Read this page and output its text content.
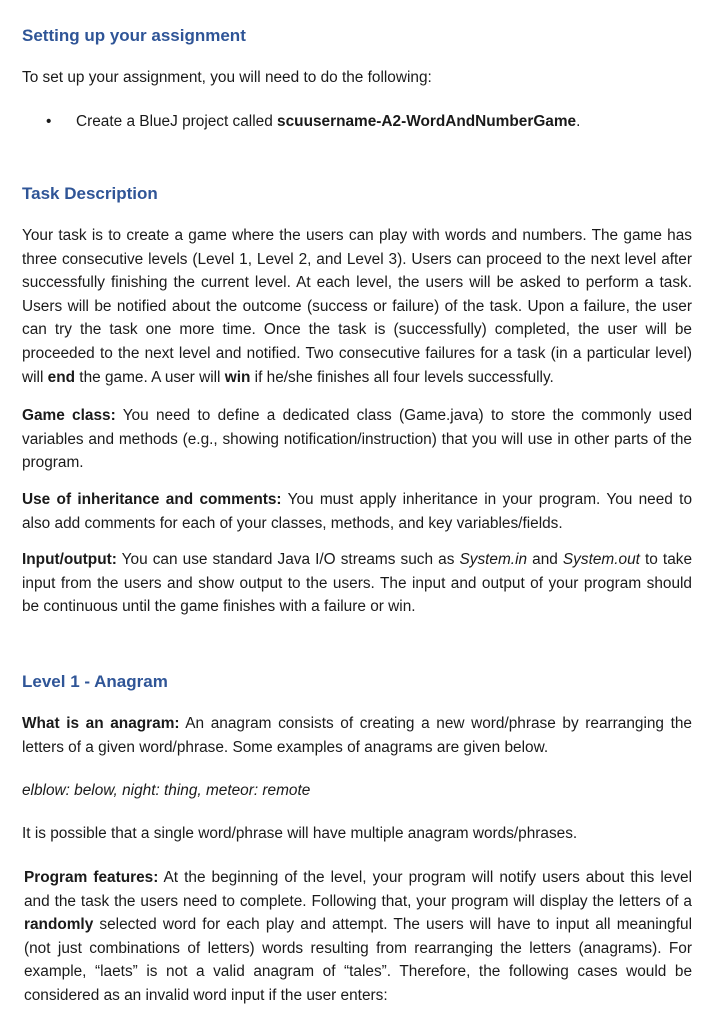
Setting up your assignment

To set up your assignment, you will need to do the following:

• Create a BlueJ project called scuusername-A2-WordAndNumberGame.
Task Description

Your task is to create a game where the users can play with words and numbers. The game has three consecutive levels (Level 1, Level 2, and Level 3). Users can proceed to the next level after successfully finishing the current level. At each level, the users will be asked to perform a task. Users will be notified about the outcome (success or failure) of the task. Upon a failure, the user can try the task one more time. Once the task is (successfully) completed, the user will be proceeded to the next level and notified. Two consecutive failures for a task (in a particular level) will end the game. A user will win if he/she finishes all four levels successfully.

Game class: You need to define a dedicated class (Game.java) to store the commonly used variables and methods (e.g., showing notification/instruction) that you will use in other parts of the program.

Use of inheritance and comments: You must apply inheritance in your program. You need to also add comments for each of your classes, methods, and key variables/fields.

Input/output: You can use standard Java I/O streams such as System.in and System.out to take input from the users and show output to the users. The input and output of your program should be continuous until the game finishes with a failure or win.

Level 1 - Anagram

What is an anagram: An anagram consists of creating a new word/phrase by rearranging the letters of a given word/phrase. Some examples of anagrams are given below.

elblow: below, night: thing, meteor: remote

It is possible that a single word/phrase will have multiple anagram words/phrases.

Program features: At the beginning of the level, your program will notify users about this level and the task the users need to complete. Following that, your program will display the letters of a randomly selected word for each play and attempt. The users will have to input all meaningful (not just combinations of letters) words resulting from rearranging the letters (anagrams). For example, “laets” is not a valid anagram of “tales”. Therefore, the following cases would be considered as an invalid word input if the user enters:
